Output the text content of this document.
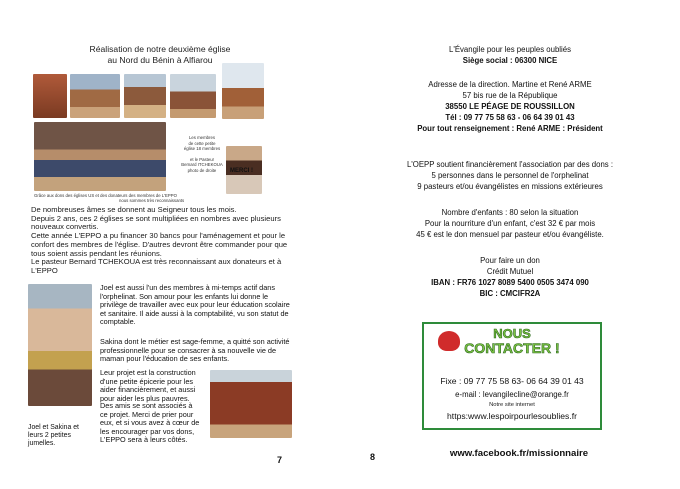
Réalisation de notre deuxième église
au Nord du Bénin à Alfiarou
Les membres
de cette petite
église 18 membres
et le Pasteur
Bernard ITCHEKOUA
photo de droite	MERCI !
Grâce aux dons des églises US et des donateurs des membres de L'EPPO
nous sommes très reconnaissants
De nombreuses âmes se donnent au Seigneur tous les mois.
Depuis 2 ans, ces 2 églises se sont multipliées en nombres avec plusieurs nouveaux convertis.
Cette année L'EPPO a pu financer 30 bancs pour l'aménagement et pour le confort des membres de l'église. D'autres devront être commander pour que tous soient assis pendant les réunions.
Le pasteur Bernard TCHEKOUA est très reconnaissant aux donateurs et à L'EPPO
Joel est aussi l'un des membres à mi-temps actif dans l'orphelinat. Son amour pour les enfants lui donne le privilège de travailler avec eux pour leur éducation scolaire et sanitaire. Il aide aussi à la comptabilité, vu son statut de comptable.
Sakina dont le métier est sage-femme, a quitté son activité professionnelle pour se consacrer à sa nouvelle vie de maman pour l'éducation de ses enfants.
Leur projet est la construction d'une petite épicerie pour les aider financièrement, et aussi pour aider les plus pauvres.
Des amis se sont associés à ce projet. Merci de prier pour eux, et si vous avez à cœur de les encourager par vos dons, L'EPPO sera à leurs côtés.
Joel et Sakina et leurs 2 petites jumelles.
7
L'Évangile pour les peuples oubliés
Siège social : 06300 NICE
Adresse de la direction. Martine et René ARME
57 bis rue de la République
38550 LE PÉAGE DE ROUSSILLON
Tél : 09 77 75 58 63 - 06 64 39 01 43
Pour tout renseignement : René ARME : Président
L'OEPP soutient financièrement l'association par des dons :
5 personnes dans le personnel de l'orphelinat
9 pasteurs et/ou évangélistes en missions extérieures
Nombre d'enfants : 80 selon la situation
Pour la nourriture d'un enfant, c'est 32 € par mois
45 € est le don mensuel par pasteur et/ou évangéliste.
Pour faire un don
Crédit Mutuel
IBAN : FR76 1027 8089 5400 0505 3474 090
BIC : CMCIFR2A
NOUS
CONTACTER !
Fixe : 09 77 75 58 63- 06 64 39 01 43
e-mail : levangilecline@orange.fr
Notre site internet
https:www.lespoirpourlesoublies.fr
8	www.facebook.fr/missionnaire
